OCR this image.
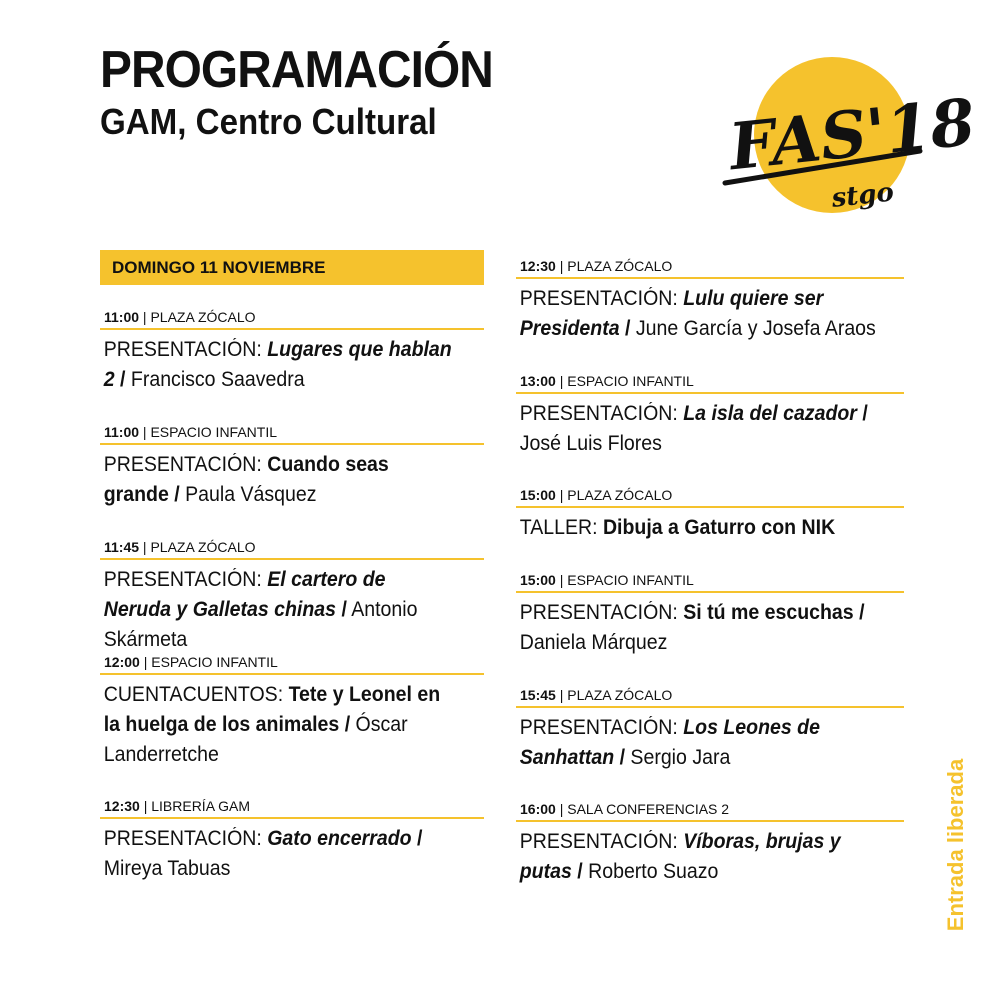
PROGRAMACIÓN
GAM, Centro Cultural	FAS'18
stgo
DOMINGO 11 NOVIEMBRE
11:00 | PLAZA ZÓCALO
PRESENTACIÓN: Lugares que hablan 2 / Francisco Saavedra
11:00 | ESPACIO INFANTIL
PRESENTACIÓN: Cuando seas grande / Paula Vásquez
11:45 | PLAZA ZÓCALO
PRESENTACIÓN: El cartero de Neruda y Galletas chinas / Antonio Skármeta
12:00 | ESPACIO INFANTIL
CUENTACUENTOS: Tete y Leonel en la huelga de los animales / Óscar Landerretche
12:30 | LIBRERÍA GAM
PRESENTACIÓN: Gato encerrado / Mireya Tabuas
12:30 | PLAZA ZÓCALO
PRESENTACIÓN: Lulu quiere ser Presidenta / June García y Josefa Araos
13:00 | ESPACIO INFANTIL
PRESENTACIÓN: La isla del cazador / José Luis Flores
15:00 | PLAZA ZÓCALO
TALLER: Dibuja a Gaturro con NIK
15:00 | ESPACIO INFANTIL
PRESENTACIÓN: Si tú me escuchas / Daniela Márquez
15:45 | PLAZA ZÓCALO
PRESENTACIÓN: Los Leones de Sanhattan / Sergio Jara
16:00 | SALA CONFERENCIAS 2
PRESENTACIÓN: Víboras, brujas y putas / Roberto Suazo	Entrada liberada
